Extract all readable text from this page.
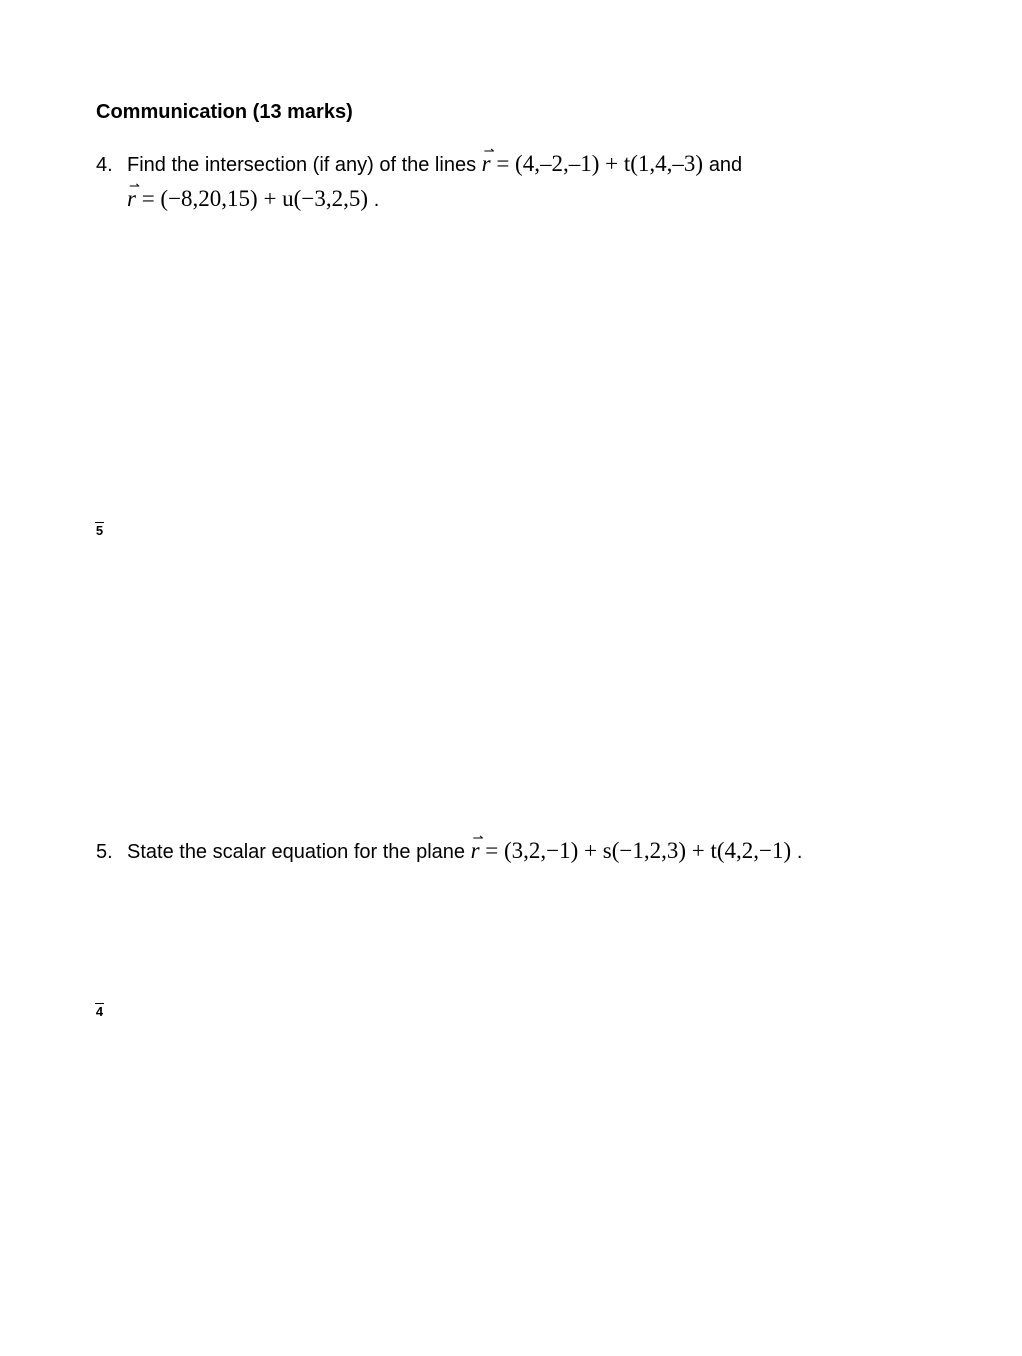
Communication (13 marks)
4. Find the intersection (if any) of the lines
⇀
r = (4,–2,–1) + t(1,4,–3) and
⇀
r = (−8,20,15) + u(−3,2,5) .
5
5. State the scalar equation for the plane
⇀
r = (3,2,−1) + s(−1,2,3) + t(4,2,−1) .
4
